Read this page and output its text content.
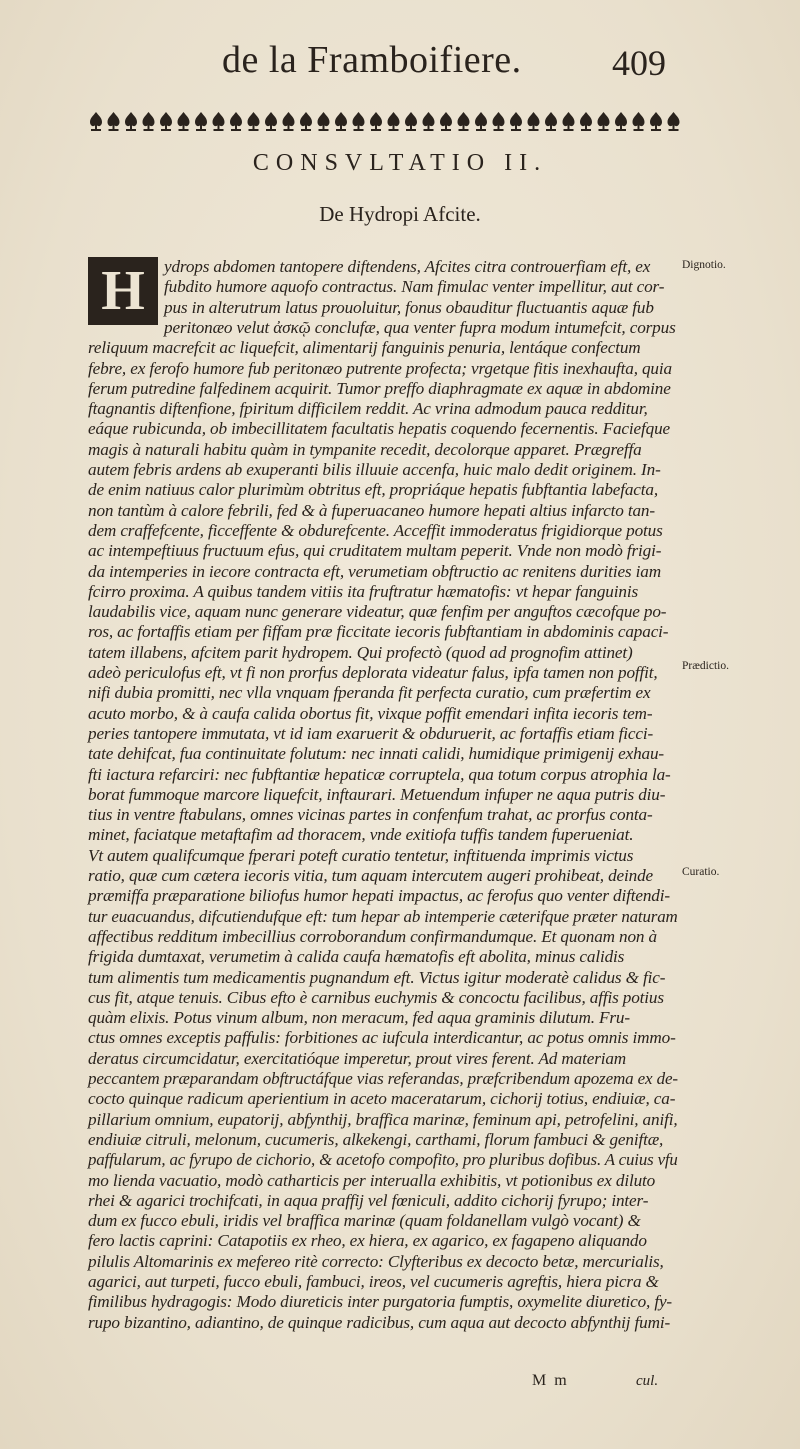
de la Framboifiere.	409
CONSVLTATIO II.
De Hydropi Afcite.
H ydrops abdomen tantopere diftendens, Afcites citra controuerfiam eft, ex
fubdito humore aquofo contractus. Nam fimulac venter impellitur, aut cor-
pus in alterutrum latus prouoluitur, fonus obauditur fluctuantis aquæ fub
peritonæo velut ἀσκῷ conclufæ, qua venter fupra modum intumefcit, corpus
reliquum macrefcit ac liquefcit, alimentarij fanguinis penuria, lentáque confectum
febre, ex ferofo humore fub peritonæo putrente profecta; vrgetque fitis inexhaufta, quia
ferum putredine falfedinem acquirit. Tumor preffo diaphragmate ex aquæ in abdomine
ftagnantis diftenfione, fpiritum difficilem reddit. Ac vrina admodum pauca redditur,
eáque rubicunda, ob imbecillitatem facultatis hepatis coquendo fecernentis. Faciefque
magis à naturali habitu quàm in tympanite recedit, decolorque apparet. Prægreffa
autem febris ardens ab exuperanti bilis illuuie accenfa, huic malo dedit originem. In-
de enim natiuus calor plurimùm obtritus eft, propriáque hepatis fubftantia labefacta,
non tantùm à calore febrili, fed & à fuperuacaneo humore hepati altius infarcto tan-
dem craffefcente, ficceffente & obdurefcente. Acceffit immoderatus frigidiorque potus
ac intempeftiuus fructuum efus, qui cruditatem multam peperit. Vnde non modò frigi-
da intemperies in iecore contracta eft, verumetiam obftructio ac renitens durities iam
fcirro proxima. A quibus tandem vitiis ita fruftratur hæmatofis: vt hepar fanguinis
laudabilis vice, aquam nunc generare videatur, quæ fenfim per anguftos cæcofque po-
ros, ac fortaffis etiam per fiffam præ ficcitate iecoris fubftantiam in abdominis capaci-
tatem illabens, afcitem parit hydropem. Qui profectò (quod ad prognofim attinet)
adeò periculofus eft, vt fi non prorfus deplorata videatur falus, ipfa tamen non poffit,
nifi dubia promitti, nec vlla vnquam fperanda fit perfecta curatio, cum præfertim ex
acuto morbo, & à caufa calida obortus fit, vixque poffit emendari infita iecoris tem-
peries tantopere immutata, vt id iam exaruerit & obduruerit, ac fortaffis etiam ficci-
tate dehifcat, fua continuitate folutum: nec innati calidi, humidique primigenij exhau-
fti iactura refarciri: nec fubftantiæ hepaticæ corruptela, qua totum corpus atrophia la-
borat fummoque marcore liquefcit, inftaurari. Metuendum infuper ne aqua putris diu-
tius in ventre ftabulans, omnes vicinas partes in confenfum trahat, ac prorfus conta-
minet, faciatque metaftafim ad thoracem, vnde exitiofa tuffis tandem fuperueniat.
Vt autem qualifcumque fperari poteft curatio tentetur, inftituenda imprimis victus
ratio, quæ cum cætera iecoris vitia, tum aquam intercutem augeri prohibeat, deinde
præmiffa præparatione biliofus humor hepati impactus, ac ferofus quo venter diftendi-
tur euacuandus, difcutiendufque eft: tum hepar ab intemperie cæterifque præter naturam
affectibus redditum imbecillius corroborandum confirmandumque. Et quonam non à
frigida dumtaxat, verumetim à calida caufa hæmatofis eft abolita, minus calidis
tum alimentis tum medicamentis pugnandum eft. Victus igitur moderatè calidus & fic-
cus fit, atque tenuis. Cibus efto è carnibus euchymis & concoctu facilibus, affis potius
quàm elixis. Potus vinum album, non meracum, fed aqua graminis dilutum. Fru-
ctus omnes exceptis paffulis: forbitiones ac iufcula interdicantur, ac potus omnis immo-
deratus circumcidatur, exercitatióque imperetur, prout vires ferent. Ad materiam
peccantem præparandam obftructáfque vias referandas, præfcribendum apozema ex de-
cocto quinque radicum aperientium in aceto maceratarum, cichorij totius, endiuiæ, ca-
pillarium omnium, eupatorij, abfynthij, braffica marinæ, feminum api, petrofelini, anifi,
endiuiæ citruli, melonum, cucumeris, alkekengi, carthami, florum fambuci & geniftæ,
paffularum, ac fyrupo de cichorio, & acetofo compofito, pro pluribus dofibus. A cuius vfu
mo lienda vacuatio, modò catharticis per interualla exhibitis, vt potionibus ex diluto
rhei & agarici trochifcati, in aqua praffij vel fœniculi, addito cichorij fyrupo; inter-
dum ex fucco ebuli, iridis vel braffica marinæ (quam foldanellam vulgò vocant) &
fero lactis caprini: Catapotiis ex rheo, ex hiera, ex agarico, ex fagapeno aliquando
pilulis Altomarinis ex mefereo ritè correcto: Clyfteribus ex decocto betæ, mercurialis,
agarici, aut turpeti, fucco ebuli, fambuci, ireos, vel cucumeris agreftis, hiera picra &
fimilibus hydragogis: Modo diureticis inter purgatoria fumptis, oxymelite diuretico, fy-
rupo bizantino, adiantino, de quinque radicibus, cum aqua aut decocto abfynthij fumi-
Dignotio.
Prædictio.
Curatio.
M m	cul.
